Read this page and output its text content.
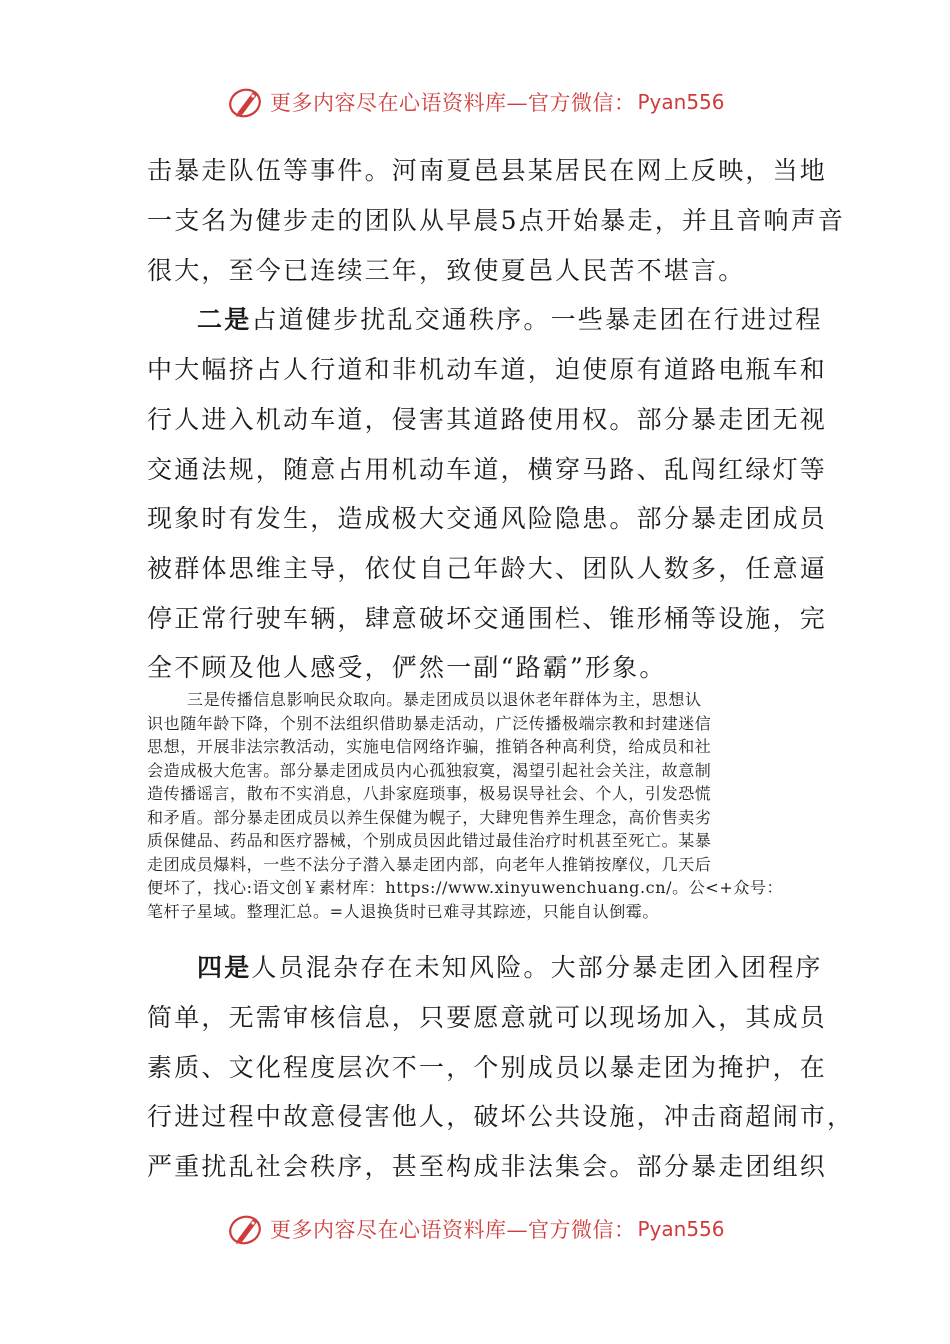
更多内容尽在心语资料库—官方微信： Pyan556
击暴走队伍等事件。河南夏邑县某居民在网上反映，当地
一支名为健步走的团队从早晨5点开始暴走，并且音响声音
很大，至今已连续三年，致使夏邑人民苦不堪言。
二是占道健步扰乱交通秩序。一些暴走团在行进过程
中大幅挤占人行道和非机动车道，迫使原有道路电瓶车和
行人进入机动车道，侵害其道路使用权。部分暴走团无视
交通法规，随意占用机动车道，横穿马路、乱闯红绿灯等
现象时有发生，造成极大交通风险隐患。部分暴走团成员
被群体思维主导，依仗自己年龄大、团队人数多，任意逼
停正常行驶车辆，肆意破坏交通围栏、锥形桶等设施，完
全不顾及他人感受，俨然一副“路霸”形象。
三是传播信息影响民众取向。暴走团成员以退休老年群体为主，思想认
识也随年龄下降，个别不法组织借助暴走活动，广泛传播极端宗教和封建迷信
思想，开展非法宗教活动，实施电信网络诈骗，推销各种高利贷，给成员和社
会造成极大危害。部分暴走团成员内心孤独寂寞，渴望引起社会关注，故意制
造传播谣言，散布不实消息，八卦家庭琐事，极易误导社会、个人，引发恐慌
和矛盾。部分暴走团成员以养生保健为幌子，大肆兜售养生理念，高价售卖劣
质保健品、药品和医疗器械，个别成员因此错过最佳治疗时机甚至死亡。某暴
走团成员爆料，一些不法分子潜入暴走团内部，向老年人推销按摩仪，几天后
便坏了，找心:语文创￥素材库：https://www.xinyuwenchuang.cn/。公<+众号：
笔杆子星域。整理汇总。=人退换货时已难寻其踪迹，只能自认倒霉。
四是人员混杂存在未知风险。大部分暴走团入团程序
简单，无需审核信息，只要愿意就可以现场加入，其成员
素质、文化程度层次不一，个别成员以暴走团为掩护，在
行进过程中故意侵害他人，破坏公共设施，冲击商超闹市，
严重扰乱社会秩序，甚至构成非法集会。部分暴走团组织
更多内容尽在心语资料库—官方微信： Pyan556
